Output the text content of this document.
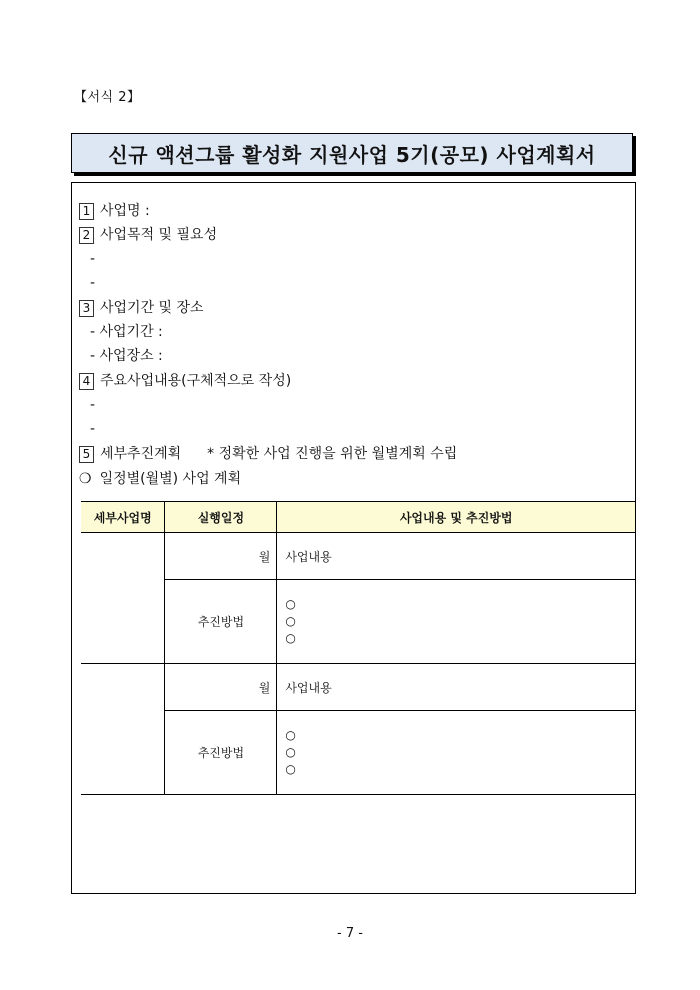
【서식 2】
신규 액션그룹 활성화 지원사업 5기(공모) 사업계획서
1 사업명 :
2 사업목적 및 필요성
-
-
3 사업기간 및 장소
- 사업기간 :
- 사업장소 :
4 주요사업내용(구체적으로 작성)
-
-
5 세부추진계획 * 정확한 사업 진행을 위한 월별계획 수립
❍ 일정별(월별) 사업 계획
세부사업명	실행일정	사업내용 및 추진방법
	월	사업내용
	추진방법	○
○
○

	월	사업내용
	추진방법	○
○
○
- 7 -
